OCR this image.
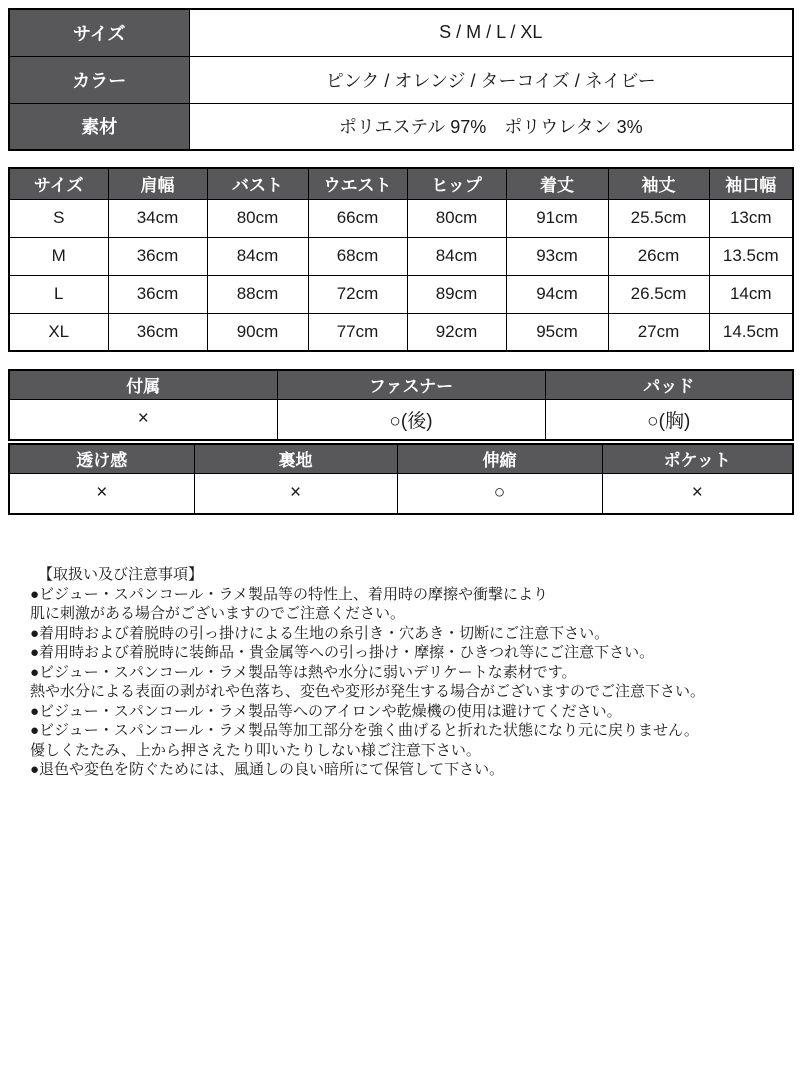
サイズ	S / M / L / XL
カラー	ピンク / オレンジ / ターコイズ / ネイビー
素材	ポリエステル 97%　ポリウレタン 3%
サイズ	肩幅	バスト	ウエスト	ヒップ	着丈	袖丈	袖口幅
S	34cm	80cm	66cm	80cm	91cm	25.5cm	13cm
M	36cm	84cm	68cm	84cm	93cm	26cm	13.5cm
L	36cm	88cm	72cm	89cm	94cm	26.5cm	14cm
XL	36cm	90cm	77cm	92cm	95cm	27cm	14.5cm
付属	ファスナー	パッド
×	○(後)	○(胸)
透け感	裏地	伸縮	ポケット
×	×	○	×
【取扱い及び注意事項】
●ビジュー・スパンコール・ラメ製品等の特性上、着用時の摩擦や衝撃により
肌に刺激がある場合がございますのでご注意ください。
●着用時および着脱時の引っ掛けによる生地の糸引き・穴あき・切断にご注意下さい。
●着用時および着脱時に装飾品・貴金属等への引っ掛け・摩擦・ひきつれ等にご注意下さい。
●ビジュー・スパンコール・ラメ製品等は熱や水分に弱いデリケートな素材です。
熱や水分による表面の剥がれや色落ち、変色や変形が発生する場合がございますのでご注意下さい。
●ビジュー・スパンコール・ラメ製品等へのアイロンや乾燥機の使用は避けてください。
●ビジュー・スパンコール・ラメ製品等加工部分を強く曲げると折れた状態になり元に戻りません。
優しくたたみ、上から押さえたり叩いたりしない様ご注意下さい。
●退色や変色を防ぐためには、風通しの良い暗所にて保管して下さい。
